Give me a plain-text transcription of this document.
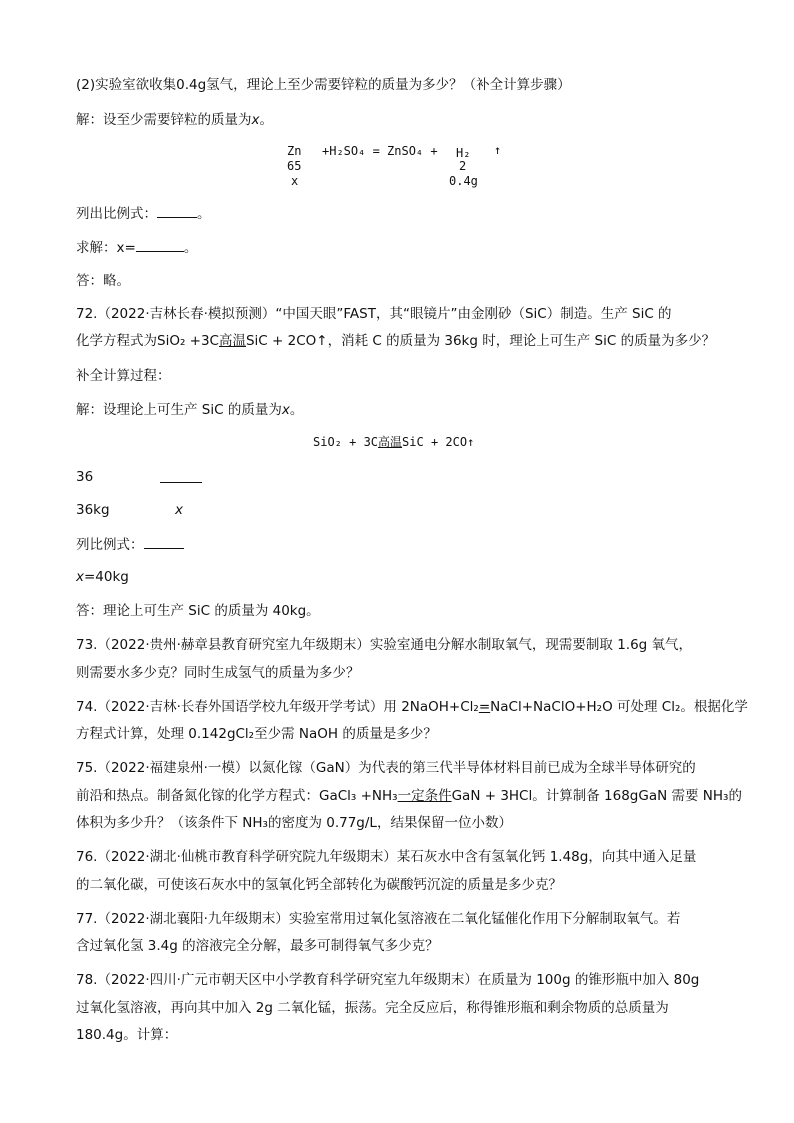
(2)实验室欲收集0.4g氢气，理论上至少需要锌粒的质量为多少？（补全计算步骤）
解：设至少需要锌粒的质量为x。
Zn +H₂SO₄ = ZnSO₄ + H₂ ↑
65	2
x	0.4g
列出比例式：	。
求解：x=	。
答：略。
72.（2022·吉林长春·模拟预测）“中国天眼”FAST，其“眼镜片”由金刚砂（SiC）制造。生产 SiC 的
化学方程式为SiO₂ +3C高温SiC + 2CO↑，消耗 C 的质量为 36kg 时，理论上可生产 SiC 的质量为多少？
补全计算过程：
解：设理论上可生产 SiC 的质量为x。
SiO₂ + 3C高温SiC + 2CO↑
36
36kg	x
列比例式：
x=40kg
答：理论上可生产 SiC 的质量为 40kg。
73.（2022·贵州·赫章县教育研究室九年级期末）实验室通电分解水制取氧气，现需要制取 1.6g 氧气，
则需要水多少克？同时生成氢气的质量为多少？
74.（2022·吉林·长春外国语学校九年级开学考试）用 2NaOH+Cl₂=NaCl+NaClO+H₂O 可处理 Cl₂。根据化学
方程式计算，处理 0.142gCl₂至少需 NaOH 的质量是多少？
75.（2022·福建泉州·一模）以氮化镓（GaN）为代表的第三代半导体材料目前已成为全球半导体研究的
前沿和热点。制备氮化镓的化学方程式：GaCl₃ +NH₃一定条件GaN + 3HCl。计算制备 168gGaN 需要 NH₃的
体积为多少升？（该条件下 NH₃的密度为 0.77g/L，结果保留一位小数）
76.（2022·湖北·仙桃市教育科学研究院九年级期末）某石灰水中含有氢氧化钙 1.48g，向其中通入足量
的二氧化碳，可使该石灰水中的氢氧化钙全部转化为碳酸钙沉淀的质量是多少克？
77.（2022·湖北襄阳·九年级期末）实验室常用过氧化氢溶液在二氧化锰催化作用下分解制取氧气。若
含过氧化氢 3.4g 的溶液完全分解，最多可制得氧气多少克？
78.（2022·四川·广元市朝天区中小学教育科学研究室九年级期末）在质量为 100g 的锥形瓶中加入 80g
过氧化氢溶液，再向其中加入 2g 二氧化锰，振荡。完全反应后，称得锥形瓶和剩余物质的总质量为
180.4g。计算：
